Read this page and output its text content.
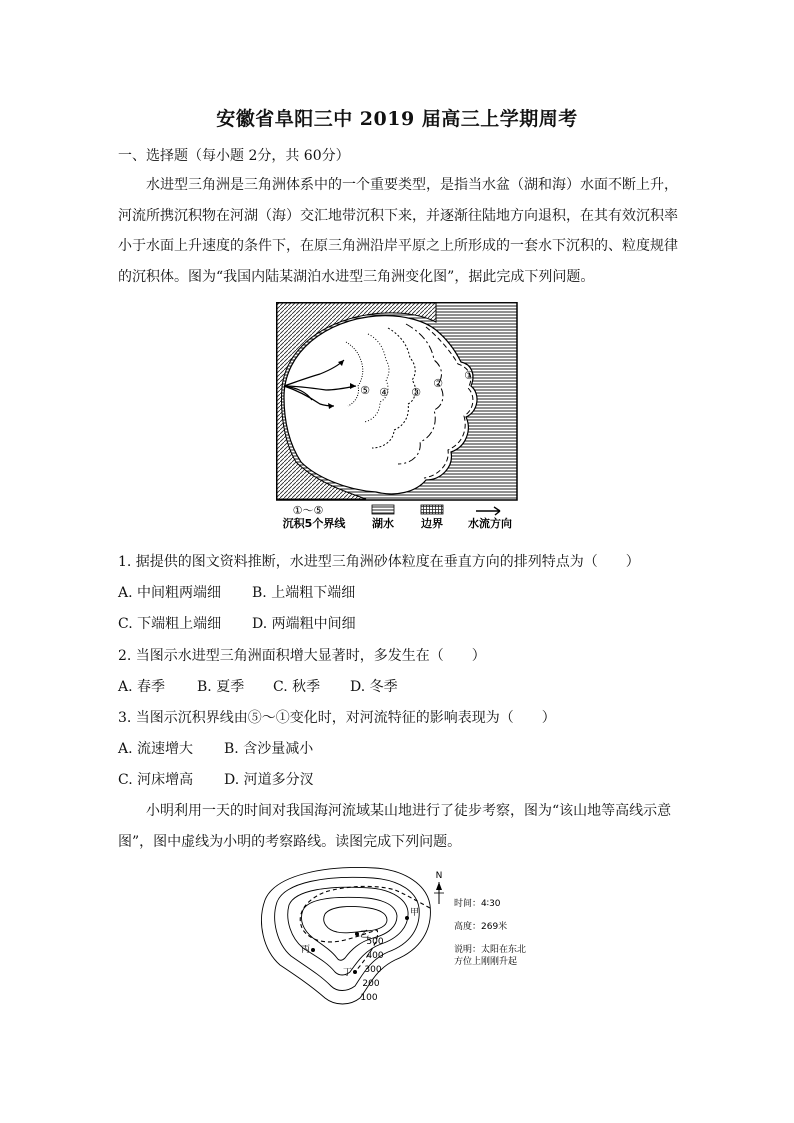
安徽省阜阳三中 2019 届高三上学期周考
一、选择题（每小题 2分，共 60分）

水进型三角洲是三角洲体系中的一个重要类型，是指当水盆（湖和海）水面不断上升，河流所携沉积物在河湖（海）交汇地带沉积下来，并逐渐往陆地方向退积，在其有效沉积率小于水面上升速度的条件下，在原三角洲沿岸平原之上所形成的一套水下沉积的、粒度规律的沉积体。图为“我国内陆某湖泊水进型三角洲变化图”，据此完成下列问题。

⑤ ④ ③
②
①
①～⑤
沉积5个界线 湖水 边界 水流方向
1. 据提供的图文资料推断，水进型三角洲砂体粒度在垂直方向的排列特点为（　　）
A. 中间粗两端细 B. 上端粗下端细
C. 下端粗上端细 D. 两端粗中间细
2. 当图示水进型三角洲面积增大显著时，多发生在（　　）
A. 春季 B. 夏季 C. 秋季 D. 冬季
3. 当图示沉积界线由⑤～①变化时，对河流特征的影响表现为（　　）
A. 流速增大 B. 含沙量减小
C. 河床增高 D. 河道多分汊

小明利用一天的时间对我国海河流域某山地进行了徒步考察，图为“该山地等高线示意图”，图中虚线为小明的考察路线。读图完成下列问题。

500
400
300
200
100
甲
乙
丙
丁
N
时间：4∶30
高度：269米
说明：太阳在东北
方位上刚刚升起
